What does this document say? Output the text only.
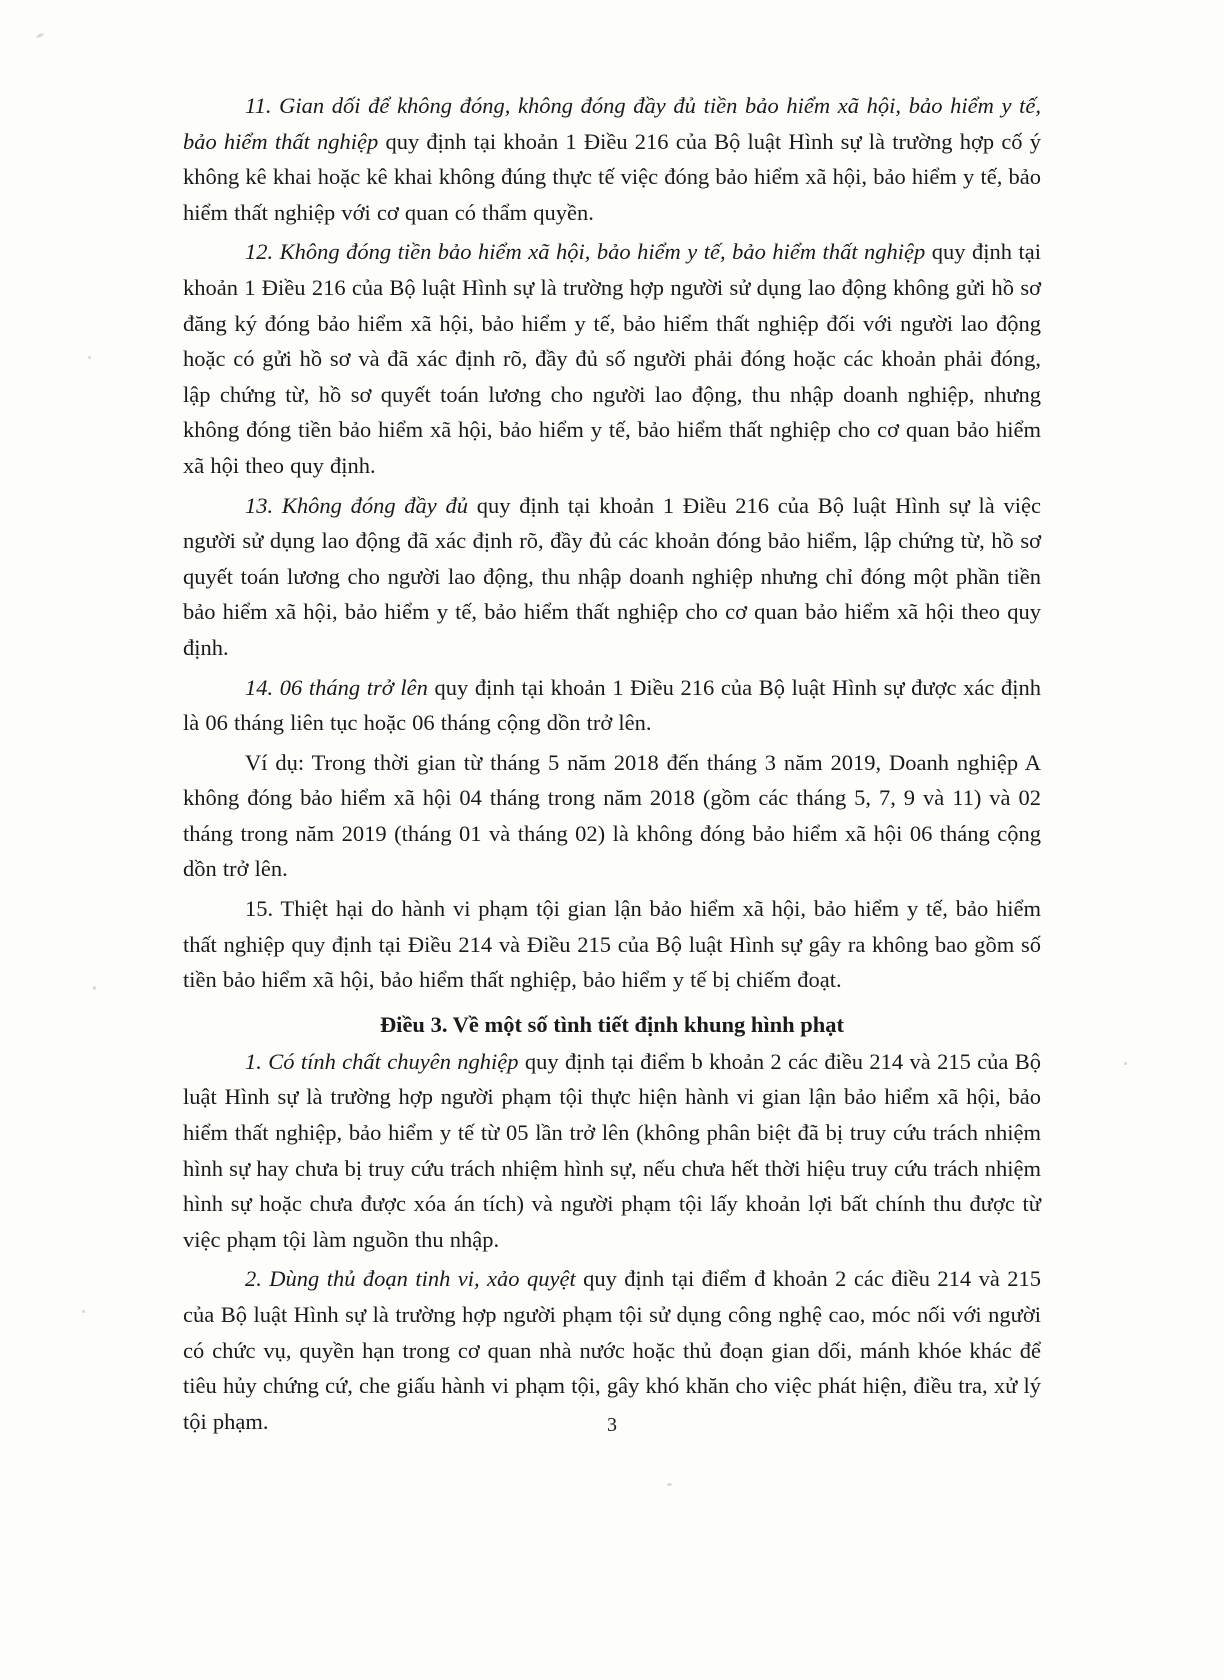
11. Gian dối để không đóng, không đóng đầy đủ tiền bảo hiểm xã hội, bảo hiểm y tế, bảo hiểm thất nghiệp quy định tại khoản 1 Điều 216 của Bộ luật Hình sự là trường hợp cố ý không kê khai hoặc kê khai không đúng thực tế việc đóng bảo hiểm xã hội, bảo hiểm y tế, bảo hiểm thất nghiệp với cơ quan có thẩm quyền.

12. Không đóng tiền bảo hiểm xã hội, bảo hiểm y tế, bảo hiểm thất nghiệp quy định tại khoản 1 Điều 216 của Bộ luật Hình sự là trường hợp người sử dụng lao động không gửi hồ sơ đăng ký đóng bảo hiểm xã hội, bảo hiểm y tế, bảo hiểm thất nghiệp đối với người lao động hoặc có gửi hồ sơ và đã xác định rõ, đầy đủ số người phải đóng hoặc các khoản phải đóng, lập chứng từ, hồ sơ quyết toán lương cho người lao động, thu nhập doanh nghiệp, nhưng không đóng tiền bảo hiểm xã hội, bảo hiểm y tế, bảo hiểm thất nghiệp cho cơ quan bảo hiểm xã hội theo quy định.

13. Không đóng đầy đủ quy định tại khoản 1 Điều 216 của Bộ luật Hình sự là việc người sử dụng lao động đã xác định rõ, đầy đủ các khoản đóng bảo hiểm, lập chứng từ, hồ sơ quyết toán lương cho người lao động, thu nhập doanh nghiệp nhưng chỉ đóng một phần tiền bảo hiểm xã hội, bảo hiểm y tế, bảo hiểm thất nghiệp cho cơ quan bảo hiểm xã hội theo quy định.

14. 06 tháng trở lên quy định tại khoản 1 Điều 216 của Bộ luật Hình sự được xác định là 06 tháng liên tục hoặc 06 tháng cộng dồn trở lên.

Ví dụ: Trong thời gian từ tháng 5 năm 2018 đến tháng 3 năm 2019, Doanh nghiệp A không đóng bảo hiểm xã hội 04 tháng trong năm 2018 (gồm các tháng 5, 7, 9 và 11) và 02 tháng trong năm 2019 (tháng 01 và tháng 02) là không đóng bảo hiểm xã hội 06 tháng cộng dồn trở lên.

15. Thiệt hại do hành vi phạm tội gian lận bảo hiểm xã hội, bảo hiểm y tế, bảo hiểm thất nghiệp quy định tại Điều 214 và Điều 215 của Bộ luật Hình sự gây ra không bao gồm số tiền bảo hiểm xã hội, bảo hiểm thất nghiệp, bảo hiểm y tế bị chiếm đoạt.

Điều 3. Về một số tình tiết định khung hình phạt

1. Có tính chất chuyên nghiệp quy định tại điểm b khoản 2 các điều 214 và 215 của Bộ luật Hình sự là trường hợp người phạm tội thực hiện hành vi gian lận bảo hiểm xã hội, bảo hiểm thất nghiệp, bảo hiểm y tế từ 05 lần trở lên (không phân biệt đã bị truy cứu trách nhiệm hình sự hay chưa bị truy cứu trách nhiệm hình sự, nếu chưa hết thời hiệu truy cứu trách nhiệm hình sự hoặc chưa được xóa án tích) và người phạm tội lấy khoản lợi bất chính thu được từ việc phạm tội làm nguồn thu nhập.

2. Dùng thủ đoạn tinh vi, xảo quyệt quy định tại điểm đ khoản 2 các điều 214 và 215 của Bộ luật Hình sự là trường hợp người phạm tội sử dụng công nghệ cao, móc nối với người có chức vụ, quyền hạn trong cơ quan nhà nước hoặc thủ đoạn gian dối, mánh khóe khác để tiêu hủy chứng cứ, che giấu hành vi phạm tội, gây khó khăn cho việc phát hiện, điều tra, xử lý tội phạm.	3
